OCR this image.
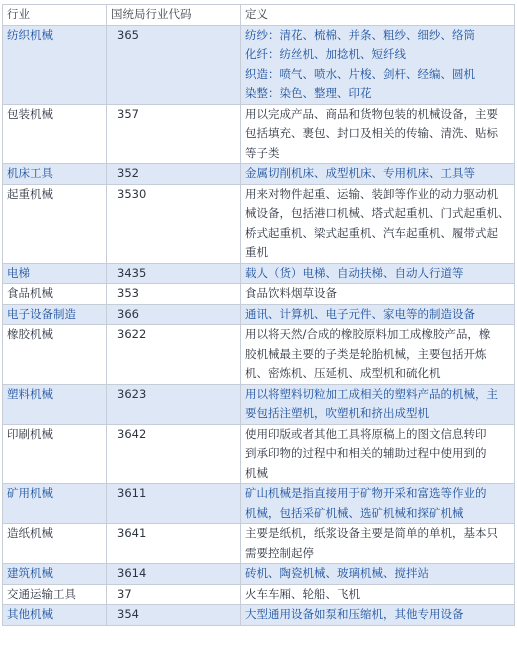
行业	国统局行业代码	定义
纺织机械	365	纺纱：清花、梳棉、并条、粗纱、细纱、络筒
化纤：纺丝机、加捻机、短纤线
织造：喷气、喷水、片梭、剑杆、经编、圆机
染整：染色、整理、印花

包装机械	357	用以完成产品、商品和货物包装的机械设备，主要
包括填充、裹包、封口及相关的传输、清洗、贴标
等子类

机床工具	352	金属切削机床、成型机床、专用机床、工具等

起重机械	3530	用来对物件起重、运输、装卸等作业的动力驱动机
械设备，包括港口机械、塔式起重机、门式起重机、
桥式起重机、梁式起重机、汽车起重机、履带式起
重机

电梯	3435	载人（货）电梯、自动扶梯、自动人行道等

食品机械	353	食品饮料烟草设备

电子设备制造	366	通讯、计算机、电子元件、家电等的制造设备

橡胶机械	3622	用以将天然/合成的橡胶原料加工成橡胶产品，橡
胶机械最主要的子类是轮胎机械，主要包括开炼
机、密炼机、压延机、成型机和硫化机

塑料机械	3623	用以将塑料切粒加工成相关的塑料产品的机械，主
要包括注塑机，吹塑机和挤出成型机

印刷机械	3642	使用印版或者其他工具将原稿上的图文信息转印
到承印物的过程中和相关的辅助过程中使用到的
机械

矿用机械	3611	矿山机械是指直接用于矿物开采和富选等作业的
机械，包括采矿机械、选矿机械和探矿机械

造纸机械	3641	主要是纸机，纸浆设备主要是简单的单机，基本只
需要控制起停

建筑机械	3614	砖机、陶瓷机械、玻璃机械、搅拌站

交通运输工具	37	火车车厢、轮船、飞机

其他机械	354	大型通用设备如泵和压缩机，其他专用设备
